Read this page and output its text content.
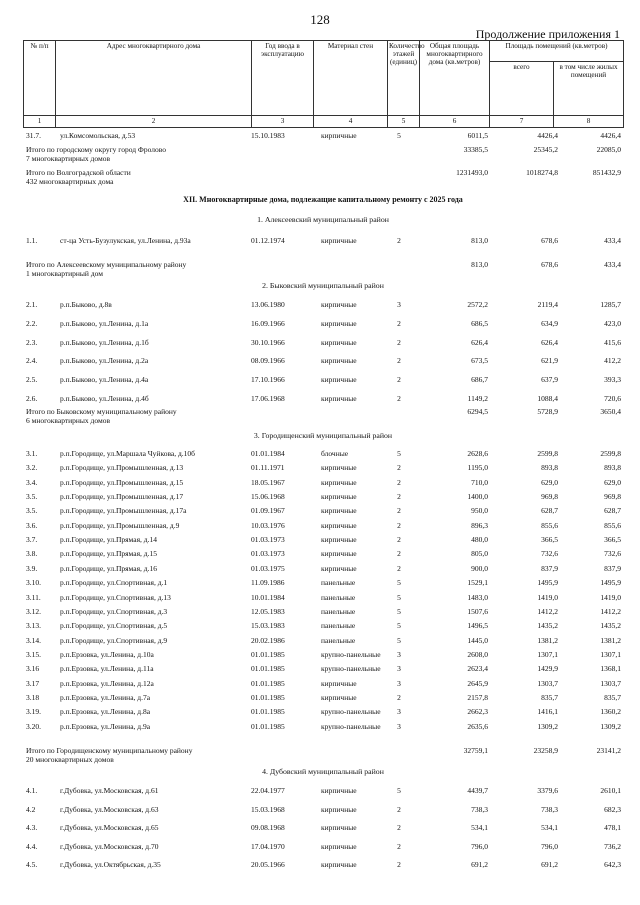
128
Продолжение приложения 1
№ п/п	Адрес многоквартирного дома	Год ввода в эксплуатацию	Материал стен	Количество этажей (единиц)	Общая площадь многоквартирного дома (кв.метров)	Площадь помещений (кв.метров)	
						всего	в том числе жилых помещений
1	2	3	4	5	6	7	8
31.7.	ул.Комсомольская, д.53	15.10.1983	кирпичные	5	6011,5	4426,4	4426,4
Итого по городскому округу город Фролово
7 многоквартирных домов
33385,5	25345,2	22085,0
Итого по Волгоградской области
432 многоквартирных дома
1231493,0	1018274,8	851432,9
XII. Многоквартирные дома, подлежащие капитальному ремонту с 2025 года
1. Алексеевский муниципальный район
1.1.	ст-ца Усть-Бузулукская, ул.Ленина, д.93а	01.12.1974	кирпичные	2	813,0	678,6	433,4
Итого по Алексеевскому муниципальному району
1 многоквартирный дом
813,0	678,6	433,4
2. Быковский муниципальный район
2.1.	р.п.Быково, д.8в	13.06.1980	кирпичные	3	2572,2	2119,4	1285,7
2.2.	р.п.Быково, ул.Ленина, д.1а	16.09.1966	кирпичные	2	686,5	634,9	423,0
2.3.	р.п.Быково, ул.Ленина, д.1б	30.10.1966	кирпичные	2	626,4	626,4	415,6
2.4.	р.п.Быково, ул.Ленина, д.2а	08.09.1966	кирпичные	2	673,5	621,9	412,2
2.5.	р.п.Быково, ул.Ленина, д.4а	17.10.1966	кирпичные	2	686,7	637,9	393,3
2.6.	р.п.Быково, ул.Ленина, д.4б	17.06.1968	кирпичные	2	1149,2	1088,4	720,6
Итого по Быковскому муниципальному району
6 многоквартирных домов
6294,5	5728,9	3650,4
3. Городищенский муниципальный район
3.1.	р.п.Городище, ул.Маршала Чуйкова, д.10б	01.01.1984	блочные	5	2628,6	2599,8	2599,8
3.2.	р.п.Городище, ул.Промышленная, д.13	01.11.1971	кирпичные	2	1195,0	893,8	893,8
3.4.	р.п.Городище, ул.Промышленная, д.15	18.05.1967	кирпичные	2	710,0	629,0	629,0
3.5.	р.п.Городище, ул.Промышленная, д.17	15.06.1968	кирпичные	2	1400,0	969,8	969,8
3.5.	р.п.Городище, ул.Промышленная, д.17а	01.09.1967	кирпичные	2	950,0	628,7	628,7
3.6.	р.п.Городище, ул.Промышленная, д.9	10.03.1976	кирпичные	2	896,3	855,6	855,6
3.7.	р.п.Городище, ул.Прямая, д.14	01.03.1973	кирпичные	2	480,0	366,5	366,5
3.8.	р.п.Городище, ул.Прямая, д.15	01.03.1973	кирпичные	2	805,0	732,6	732,6
3.9.	р.п.Городище, ул.Прямая, д.16	01.03.1975	кирпичные	2	900,0	837,9	837,9
3.10.	р.п.Городище, ул.Спортивная, д.1	11.09.1986	панельные	5	1529,1	1495,9	1495,9
3.11.	р.п.Городище, ул.Спортивная, д.13	10.01.1984	панельные	5	1483,0	1419,0	1419,0
3.12.	р.п.Городище, ул.Спортивная, д.3	12.05.1983	панельные	5	1507,6	1412,2	1412,2
3.13.	р.п.Городище, ул.Спортивная, д.5	15.03.1983	панельные	5	1496,5	1435,2	1435,2
3.14.	р.п.Городище, ул.Спортивная, д.9	20.02.1986	панельные	5	1445,0	1381,2	1381,2
3.15.	р.п.Ерзовка, ул.Ленина, д.10а	01.01.1985	крупно-панельные	3	2608,0	1307,1	1307,1
3.16	р.п.Ерзовка, ул.Ленина, д.11а	01.01.1985	крупно-панельные	3	2623,4	1429,9	1368,1
3.17	р.п.Ерзовка, ул.Ленина, д.12а	01.01.1985	кирпичные	3	2645,9	1303,7	1303,7
3.18	р.п.Ерзовка, ул.Ленина, д.7а	01.01.1985	кирпичные	2	2157,8	835,7	835,7
3.19.	р.п.Ерзовка, ул.Ленина, д.8а	01.01.1985	крупно-панельные	3	2662,3	1416,1	1360,2
3.20.	р.п.Ерзовка, ул.Ленина, д.9а	01.01.1985	крупно-панельные	3	2635,6	1309,2	1309,2
Итого по Городищенскому муниципальному району
20 многоквартирных домов
32759,1	23258,9	23141,2
4. Дубовский муниципальный район
4.1.	г.Дубовка, ул.Московская, д.61	22.04.1977	кирпичные	5	4439,7	3379,6	2610,1
4.2	г.Дубовка, ул.Московская, д.63	15.03.1968	кирпичные	2	738,3	738,3	682,3
4.3.	г.Дубовка, ул.Московская, д.65	09.08.1968	кирпичные	2	534,1	534,1	478,1
4.4.	г.Дубовка, ул.Московская, д.70	17.04.1970	кирпичные	2	796,0	796,0	736,2
4.5.	г.Дубовка, ул.Октябрьская, д.35	20.05.1966	кирпичные	2	691,2	691,2	642,3
